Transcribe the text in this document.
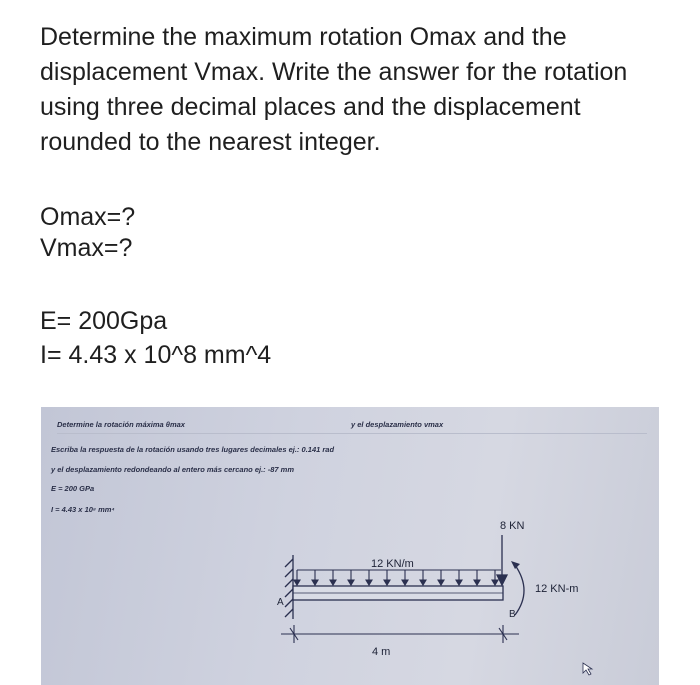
Determine the maximum rotation Omax and the displacement Vmax. Write the answer for the rotation using three decimal places and the displacement rounded to the nearest integer.

Omax=?

Vmax=?

E= 200Gpa

I= 4.43 x 10^8 mm^4

Determine la rotación máxima θmax	y el desplazamiento vmax

Escriba la respuesta de la rotación usando tres lugares decimales ej.: 0.141 rad

y el desplazamiento redondeando al entero más cercano ej.: -87 mm

E = 200 GPa

I = 4.43 x 10⁸ mm⁴

12 KN/m
8 KN
12 KN-m
A
B
4 m
